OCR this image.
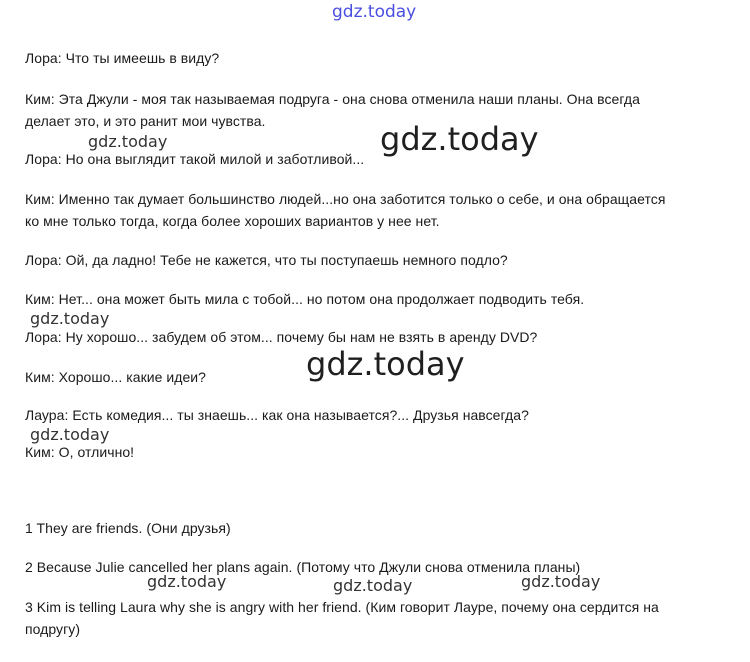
gdz.today
Лора: Что ты имеешь в виду?
Ким: Эта Джули - моя так называемая подруга - она снова отменила наши планы. Она всегда
делает это, и это ранит мои чувства.
Лора: Но она выглядит такой милой и заботливой...
Ким: Именно так думает большинство людей...но она заботится только о себе, и она обращается
ко мне только тогда, когда более хороших вариантов у нее нет.
Лора: Ой, да ладно! Тебе не кажется, что ты поступаешь немного подло?
Ким: Нет... она может быть мила с тобой... но потом она продолжает подводить тебя.
Лора: Ну хорошо... забудем об этом... почему бы нам не взять в аренду DVD?
Ким: Хорошо... какие идеи?
Лаура: Есть комедия... ты знаешь... как она называется?... Друзья навсегда?
Ким: О, отлично!
1 They are friends. (Они друзья)
2 Because Julie cancelled her plans again. (Потому что Джули снова отменила планы)
3 Kim is telling Laura why she is angry with her friend. (Ким говорит Лауре, почему она сердится на
подругу)
gdz.today	gdz.today
gdz.today
gdz.today
gdz.today
gdz.today	gdz.today	gdz.today
